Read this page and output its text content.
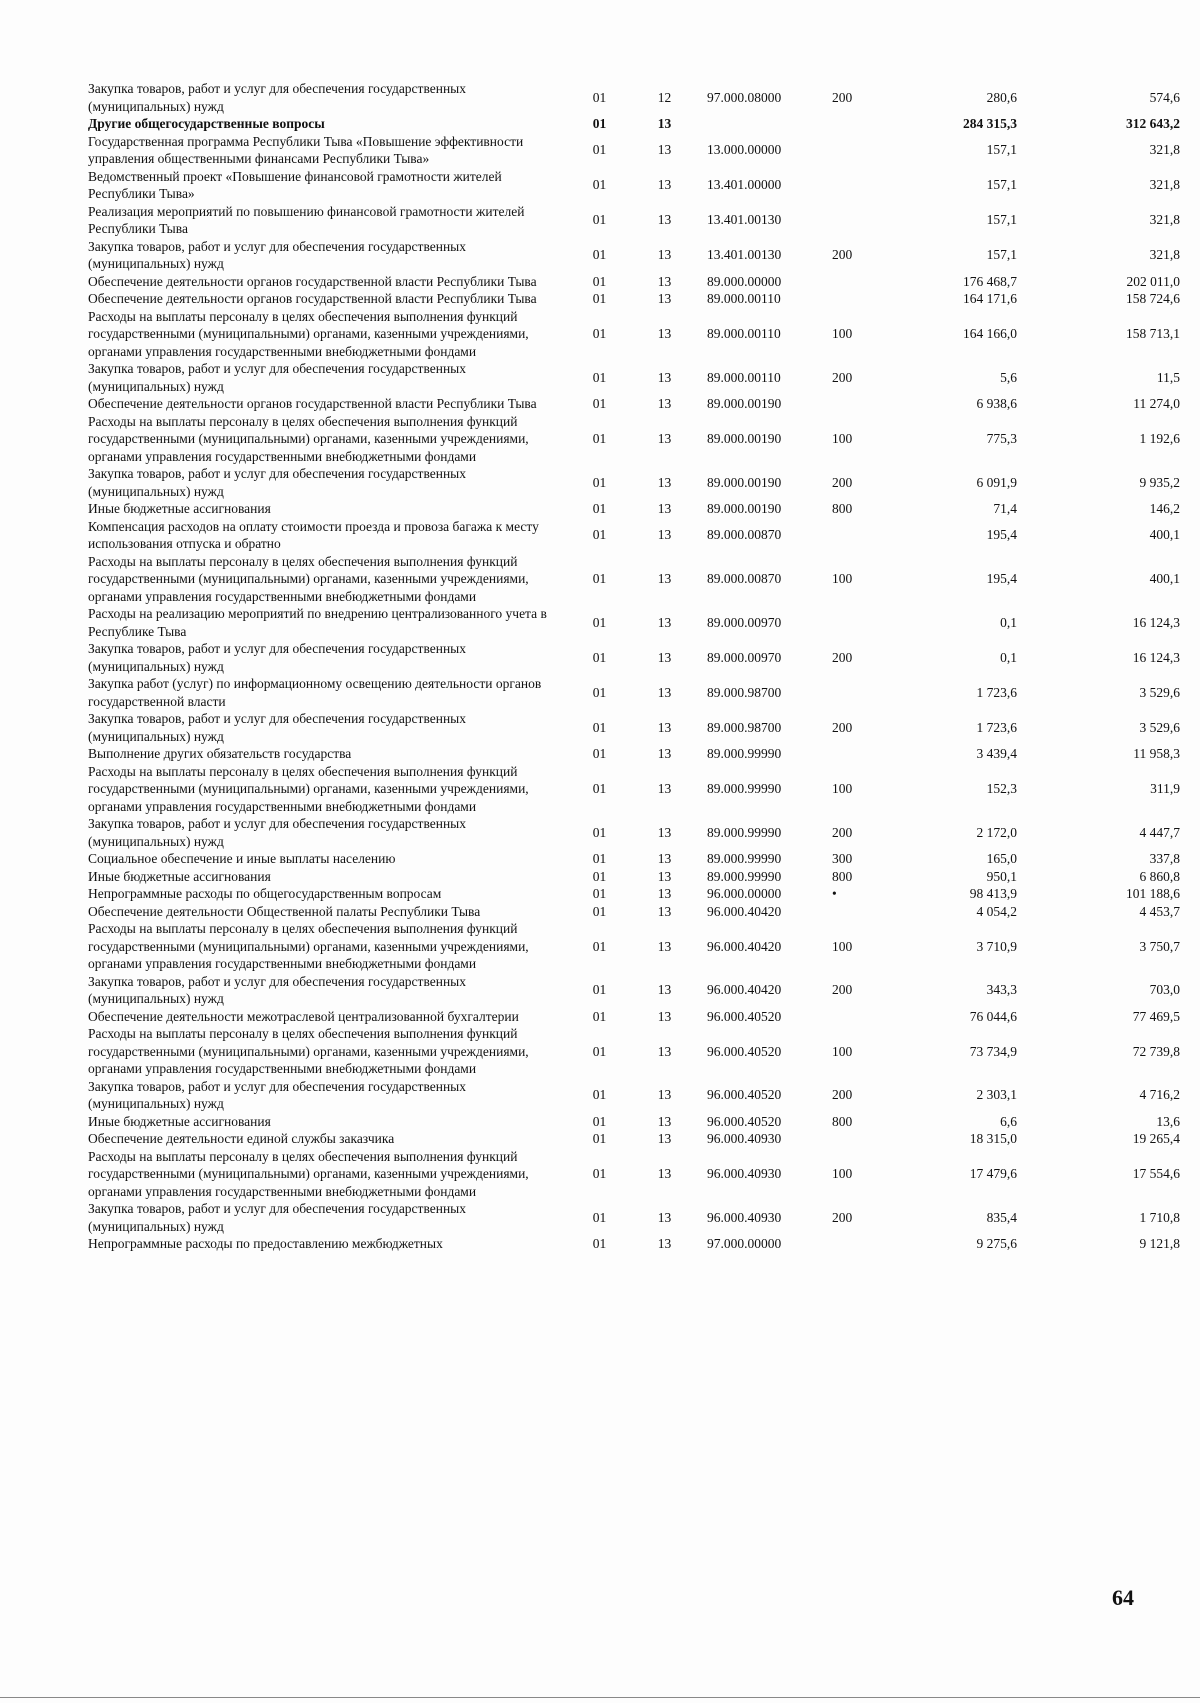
Закупка товаров, работ и услуг для обеспечения государственных (муниципальных) нужд	01	12	97.000.08000	200	280,6	574,6
Другие общегосударственные вопросы	01	13			284 315,3	312 643,2
Государственная программа Республики Тыва «Повышение эффективности управления общественными финансами Республики Тыва»	01	13	13.000.00000		157,1	321,8
Ведомственный проект «Повышение финансовой грамотности жителей Республики Тыва»	01	13	13.401.00000		157,1	321,8
Реализация мероприятий по повышению финансовой грамотности жителей Республики Тыва	01	13	13.401.00130		157,1	321,8
Закупка товаров, работ и услуг для обеспечения государственных (муниципальных) нужд	01	13	13.401.00130	200	157,1	321,8
Обеспечение деятельности органов государственной власти Республики Тыва	01	13	89.000.00000		176 468,7	202 011,0
Обеспечение деятельности органов государственной власти Республики Тыва	01	13	89.000.00110		164 171,6	158 724,6
Расходы на выплаты персоналу в целях обеспечения выполнения функций государственными (муниципальными) органами, казенными учреждениями, органами управления государственными внебюджетными фондами	01	13	89.000.00110	100	164 166,0	158 713,1
Закупка товаров, работ и услуг для обеспечения государственных (муниципальных) нужд	01	13	89.000.00110	200	5,6	11,5
Обеспечение деятельности органов государственной власти Республики Тыва	01	13	89.000.00190		6 938,6	11 274,0
Расходы на выплаты персоналу в целях обеспечения выполнения функций государственными (муниципальными) органами, казенными учреждениями, органами управления государственными внебюджетными фондами	01	13	89.000.00190	100	775,3	1 192,6
Закупка товаров, работ и услуг для обеспечения государственных (муниципальных) нужд	01	13	89.000.00190	200	6 091,9	9 935,2
Иные бюджетные ассигнования	01	13	89.000.00190	800	71,4	146,2
Компенсация расходов на оплату стоимости проезда и провоза багажа к месту использования отпуска и обратно	01	13	89.000.00870		195,4	400,1
Расходы на выплаты персоналу в целях обеспечения выполнения функций государственными (муниципальными) органами, казенными учреждениями, органами управления государственными внебюджетными фондами	01	13	89.000.00870	100	195,4	400,1
Расходы на реализацию мероприятий по внедрению централизованного учета в Республике Тыва	01	13	89.000.00970		0,1	16 124,3
Закупка товаров, работ и услуг для обеспечения государственных (муниципальных) нужд	01	13	89.000.00970	200	0,1	16 124,3
Закупка работ (услуг) по информационному освещению деятельности органов государственной власти	01	13	89.000.98700		1 723,6	3 529,6
Закупка товаров, работ и услуг для обеспечения государственных (муниципальных) нужд	01	13	89.000.98700	200	1 723,6	3 529,6
Выполнение других обязательств государства	01	13	89.000.99990		3 439,4	11 958,3
Расходы на выплаты персоналу в целях обеспечения выполнения функций государственными (муниципальными) органами, казенными учреждениями, органами управления государственными внебюджетными фондами	01	13	89.000.99990	100	152,3	311,9
Закупка товаров, работ и услуг для обеспечения государственных (муниципальных) нужд	01	13	89.000.99990	200	2 172,0	4 447,7
Социальное обеспечение и иные выплаты населению	01	13	89.000.99990	300	165,0	337,8
Иные бюджетные ассигнования	01	13	89.000.99990	800	950,1	6 860,8
Непрограммные расходы по общегосударственным вопросам	01	13	96.000.00000	•	98 413,9	101 188,6
Обеспечение деятельности Общественной палаты Республики Тыва	01	13	96.000.40420		4 054,2	4 453,7
Расходы на выплаты персоналу в целях обеспечения выполнения функций государственными (муниципальными) органами, казенными учреждениями, органами управления государственными внебюджетными фондами	01	13	96.000.40420	100	3 710,9	3 750,7
Закупка товаров, работ и услуг для обеспечения государственных (муниципальных) нужд	01	13	96.000.40420	200	343,3	703,0
Обеспечение деятельности межотраслевой централизованной бухгалтерии	01	13	96.000.40520		76 044,6	77 469,5
Расходы на выплаты персоналу в целях обеспечения выполнения функций государственными (муниципальными) органами, казенными учреждениями, органами управления государственными внебюджетными фондами	01	13	96.000.40520	100	73 734,9	72 739,8
Закупка товаров, работ и услуг для обеспечения государственных (муниципальных) нужд	01	13	96.000.40520	200	2 303,1	4 716,2
Иные бюджетные ассигнования	01	13	96.000.40520	800	6,6	13,6
Обеспечение деятельности единой службы заказчика	01	13	96.000.40930		18 315,0	19 265,4
Расходы на выплаты персоналу в целях обеспечения выполнения функций государственными (муниципальными) органами, казенными учреждениями, органами управления государственными внебюджетными фондами	01	13	96.000.40930	100	17 479,6	17 554,6
Закупка товаров, работ и услуг для обеспечения государственных (муниципальных) нужд	01	13	96.000.40930	200	835,4	1 710,8
Непрограммные расходы по предоставлению межбюджетных	01	13	97.000.00000		9 275,6	9 121,8
64
